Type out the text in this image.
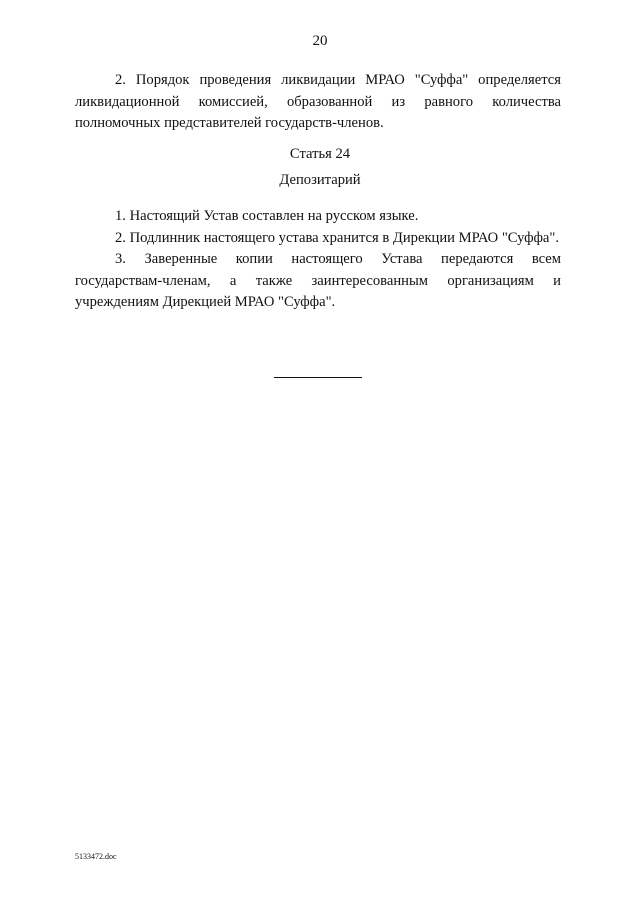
20

2. Порядок проведения ликвидации МРАО "Суффа" определяется ликвидационной комиссией, образованной из равного количества полномочных представителей государств-членов.

Статья 24
Депозитарий

1. Настоящий Устав составлен на русском языке.

2. Подлинник настоящего устава хранится в Дирекции МРАО "Суффа".

3. Заверенные копии настоящего Устава передаются всем государствам-членам, а также заинтересованным организациям и учреждениям Дирекцией МРАО "Суффа".

5133472.doc
